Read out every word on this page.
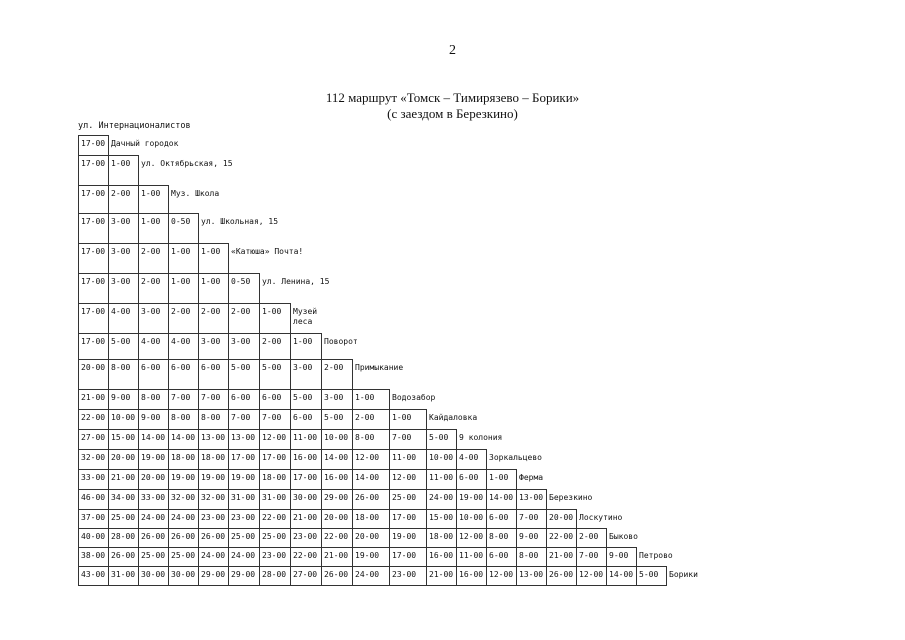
2
112 маршрут «Томск – Тимирязево – Борики»
(с заездом в Березкино)
ул. Интернационалистов
17-00 Дачный городок
17-00 1-00	ул. Октябрьская, 15
17-00 2-00	1-00	Муз. Школа
17-00 3-00	1-00	0-50	ул. Школьная, 15
17-00 3-00	2-00	1-00	1-00	«Катюша» Почта!
17-00 3-00	2-00	1-00	1-00	0-50	ул. Ленина, 15
17-00 4-00	3-00	2-00	2-00	2-00	1-00	Музей леса
17-00 5-00	4-00	4-00	3-00	3-00	2-00	1-00	Поворот
20-00 8-00	6-00	6-00	6-00	5-00	5-00	3-00	2-00	Примыкание
21-00 9-00	8-00	7-00	7-00	6-00	6-00	5-00	3-00	1-00	Водозабор
22-00 10-00 9-00	8-00	8-00	7-00	7-00	6-00	5-00	2-00	1-00	Кайдаловка
27-00 15-00 14-00 14-00 13-00 13-00 12-00 11-00 10-00 8-00	7-00	5-00	9 колония
32-00 20-00 19-00 18-00 18-00 17-00 17-00 16-00 14-00 12-00	11-00	10-00 4-00	Зоркальцево
33-00 21-00 20-00 19-00 19-00 19-00 18-00 17-00 16-00 14-00	12-00	11-00 6-00	1-00	Ферма
46-00 34-00 33-00 32-00 32-00 31-00 31-00 30-00 29-00 26-00	25-00	24-00 19-00 14-00 13-00 Березкино
37-00 25-00 24-00 24-00 23-00 23-00 22-00 21-00 20-00 18-00	17-00	15-00 10-00 6-00	7-00	20-00 Лоскутино
40-00 28-00 26-00 26-00 26-00 25-00 25-00 23-00 22-00 20-00	19-00	18-00 12-00 8-00	9-00	22-00 2-00	Быково
38-00 26-00 25-00 25-00 24-00 24-00 23-00 22-00 21-00 19-00	17-00	16-00 11-00 6-00	8-00	21-00 7-00	9-00	Петрово
43-00 31-00 30-00 30-00 29-00 29-00 28-00 27-00 26-00 24-00	23-00	21-00 16-00 12-00 13-00 26-00 12-00 14-00 5-00	Борики
